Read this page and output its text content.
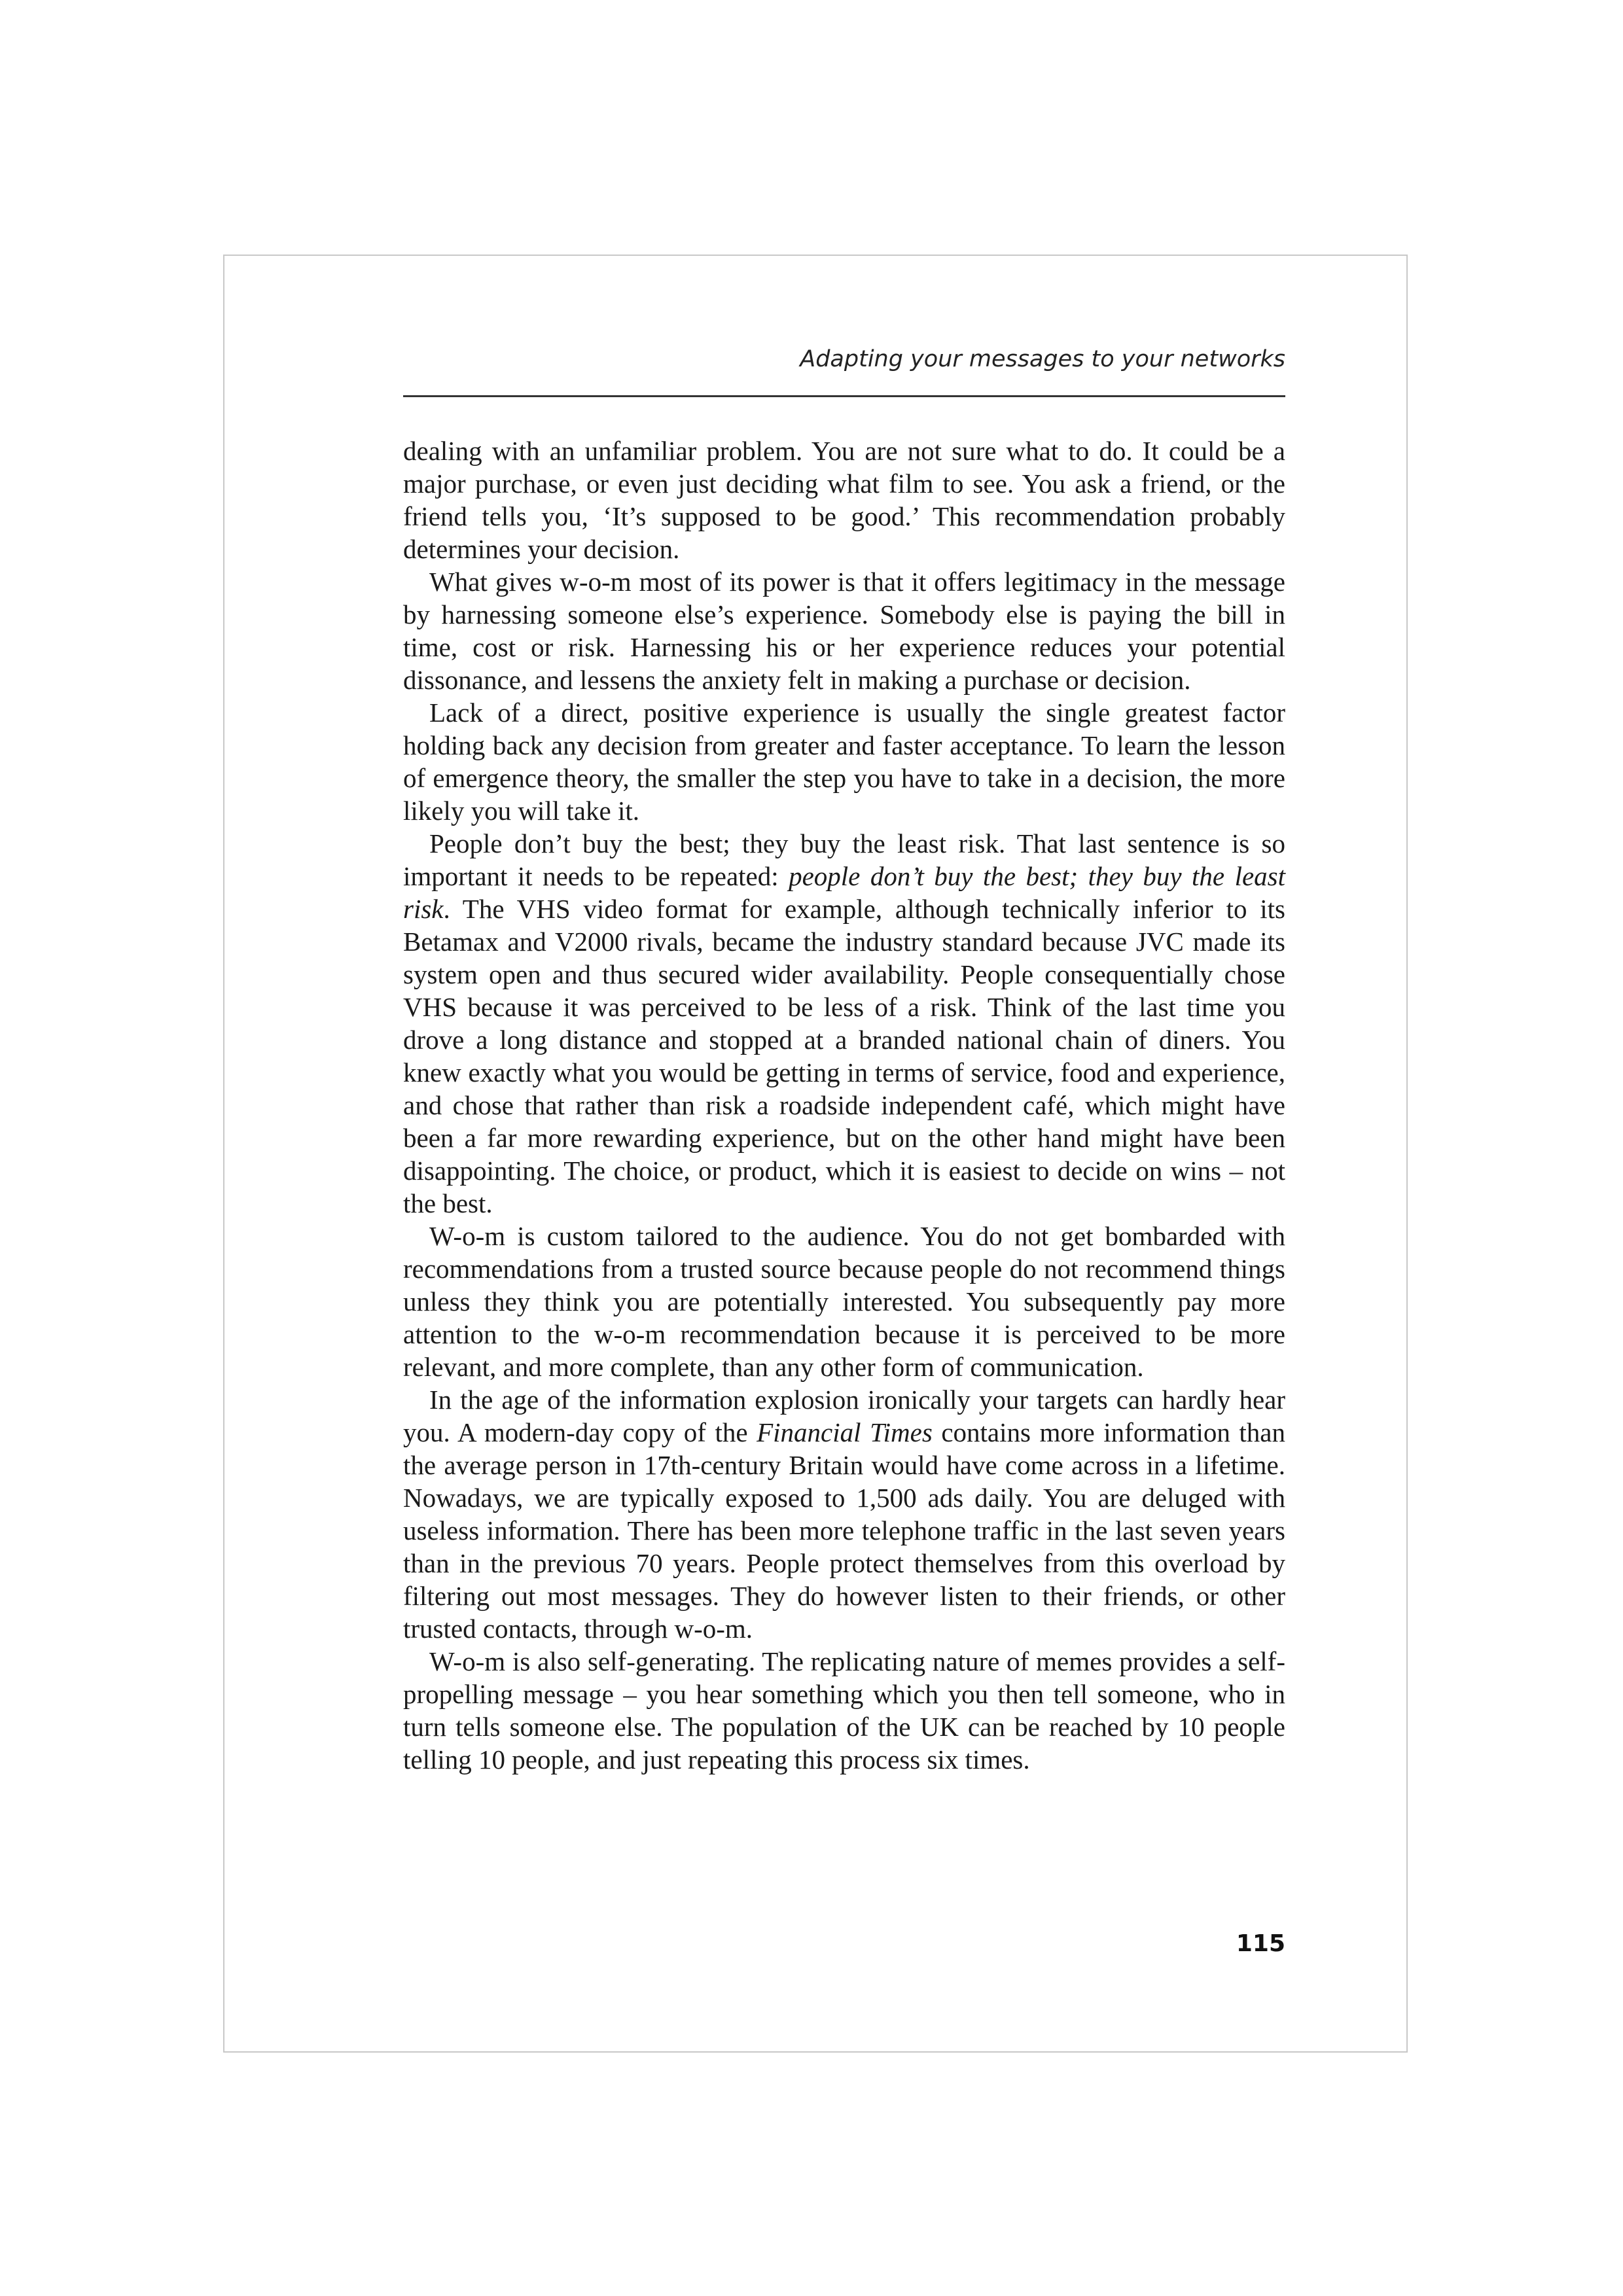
Adapting your messages to your networks

dealing with an unfamiliar problem. You are not sure what to do. It could be a major purchase, or even just deciding what film to see. You ask a friend, or the friend tells you, ‘It’s supposed to be good.’ This recommendation probably determines your decision.

What gives w-o-m most of its power is that it offers legitimacy in the message by harnessing someone else’s experience. Somebody else is paying the bill in time, cost or risk. Harnessing his or her experience reduces your potential dissonance, and lessens the anxiety felt in making a purchase or decision.

Lack of a direct, positive experience is usually the single greatest factor holding back any decision from greater and faster acceptance. To learn the lesson of emergence theory, the smaller the step you have to take in a decision, the more likely you will take it.

People don’t buy the best; they buy the least risk. That last sentence is so important it needs to be repeated: people don’t buy the best; they buy the least risk. The VHS video format for example, although technically inferior to its Betamax and V2000 rivals, became the industry standard because JVC made its system open and thus secured wider availability. People consequentially chose VHS because it was perceived to be less of a risk. Think of the last time you drove a long distance and stopped at a branded national chain of diners. You knew exactly what you would be getting in terms of service, food and experience, and chose that rather than risk a roadside independent café, which might have been a far more rewarding experience, but on the other hand might have been disappointing. The choice, or product, which it is easiest to decide on wins – not the best.

W-o-m is custom tailored to the audience. You do not get bombarded with recommendations from a trusted source because people do not recommend things unless they think you are potentially interested. You subsequently pay more attention to the w-o-m recommendation because it is perceived to be more relevant, and more complete, than any other form of communication.

In the age of the information explosion ironically your targets can hardly hear you. A modern-day copy of the Financial Times contains more information than the average person in 17th-century Britain would have come across in a lifetime. Nowadays, we are typically exposed to 1,500 ads daily. You are deluged with useless information. There has been more telephone traffic in the last seven years than in the previous 70 years. People protect themselves from this overload by filtering out most messages. They do however listen to their friends, or other trusted contacts, through w-o-m.

W-o-m is also self-generating. The replicating nature of memes provides a self-propelling message – you hear something which you then tell someone, who in turn tells someone else. The population of the UK can be reached by 10 people telling 10 people, and just repeating this process six times.

115
